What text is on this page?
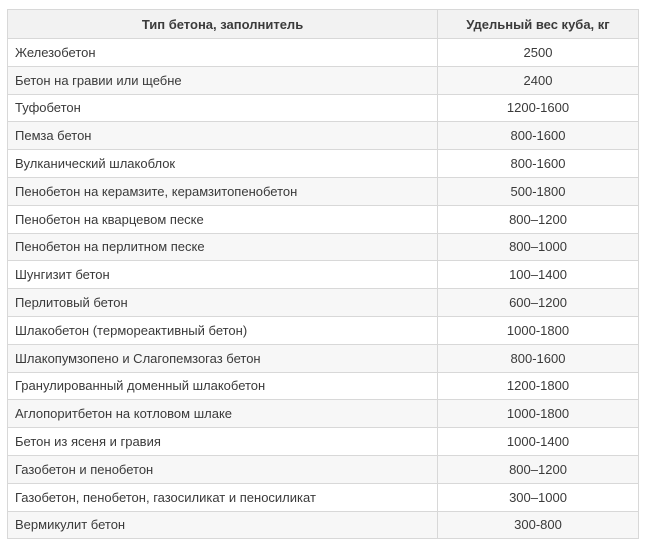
Тип бетона, заполнитель	Удельный вес куба, кг
Железобетон	2500
Бетон на гравии или щебне	2400
Туфобетон	1200-1600
Пемза бетон	800-1600
Вулканический шлакоблок	800-1600
Пенобетон на керамзите, керамзитопенобетон	500-1800
Пенобетон на кварцевом песке	800–1200
Пенобетон на перлитном песке	800–1000
Шунгизит бетон	100–1400
Перлитовый бетон	600–1200
Шлакобетон (термореактивный бетон)	1000-1800
Шлакопумзопено и Слагопемзогаз бетон	800-1600
Гранулированный доменный шлакобетон	1200-1800
Аглопоритбетон на котловом шлаке	1000-1800
Бетон из ясеня и гравия	1000-1400
Газобетон и пенобетон	800–1200
Газобетон, пенобетон, газосиликат и пеносиликат	300–1000
Вермикулит бетон	300-800
